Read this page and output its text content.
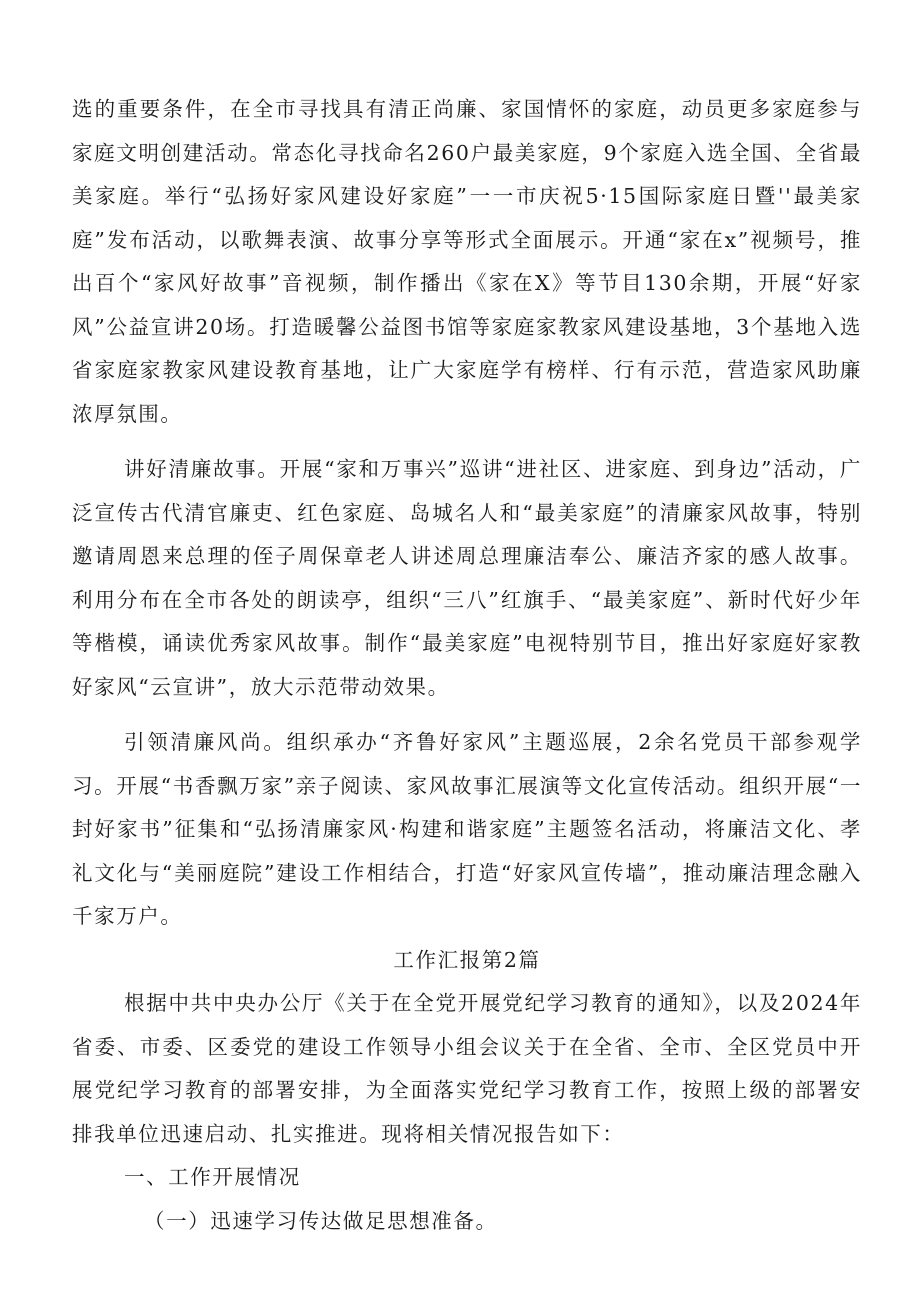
选的重要条件，在全市寻找具有清正尚廉、家国情怀的家庭，动员更多家庭参与家庭文明创建活动。常态化寻找命名260户最美家庭，9个家庭入选全国、全省最美家庭。举行“弘扬好家风建设好家庭”一一市庆祝5·15国际家庭日暨''最美家庭”发布活动，以歌舞表演、故事分享等形式全面展示。开通“家在x”视频号，推出百个“家风好故事”音视频，制作播出《家在X》等节目130余期，开展“好家风”公益宣讲20场。打造暖馨公益图书馆等家庭家教家风建设基地，3个基地入选省家庭家教家风建设教育基地，让广大家庭学有榜样、行有示范，营造家风助廉浓厚氛围。

讲好清廉故事。开展“家和万事兴”巡讲“进社区、进家庭、到身边”活动，广泛宣传古代清官廉吏、红色家庭、岛城名人和“最美家庭”的清廉家风故事，特别邀请周恩来总理的侄子周保章老人讲述周总理廉洁奉公、廉洁齐家的感人故事。利用分布在全市各处的朗读亭，组织“三八”红旗手、“最美家庭”、新时代好少年等楷模，诵读优秀家风故事。制作“最美家庭”电视特别节目，推出好家庭好家教好家风“云宣讲”，放大示范带动效果。

引领清廉风尚。组织承办“齐鲁好家风”主题巡展，2余名党员干部参观学习。开展“书香飘万家”亲子阅读、家风故事汇展演等文化宣传活动。组织开展“一封好家书”征集和“弘扬清廉家风·构建和谐家庭”主题签名活动，将廉洁文化、孝礼文化与“美丽庭院”建设工作相结合，打造“好家风宣传墙”，推动廉洁理念融入千家万户。

工作汇报第2篇

根据中共中央办公厅《关于在全党开展党纪学习教育的通知》，以及2024年省委、市委、区委党的建设工作领导小组会议关于在全省、全市、全区党员中开展党纪学习教育的部署安排，为全面落实党纪学习教育工作，按照上级的部署安排我单位迅速启动、扎实推进。现将相关情况报告如下：

一、工作开展情况

（一）迅速学习传达做足思想准备。
